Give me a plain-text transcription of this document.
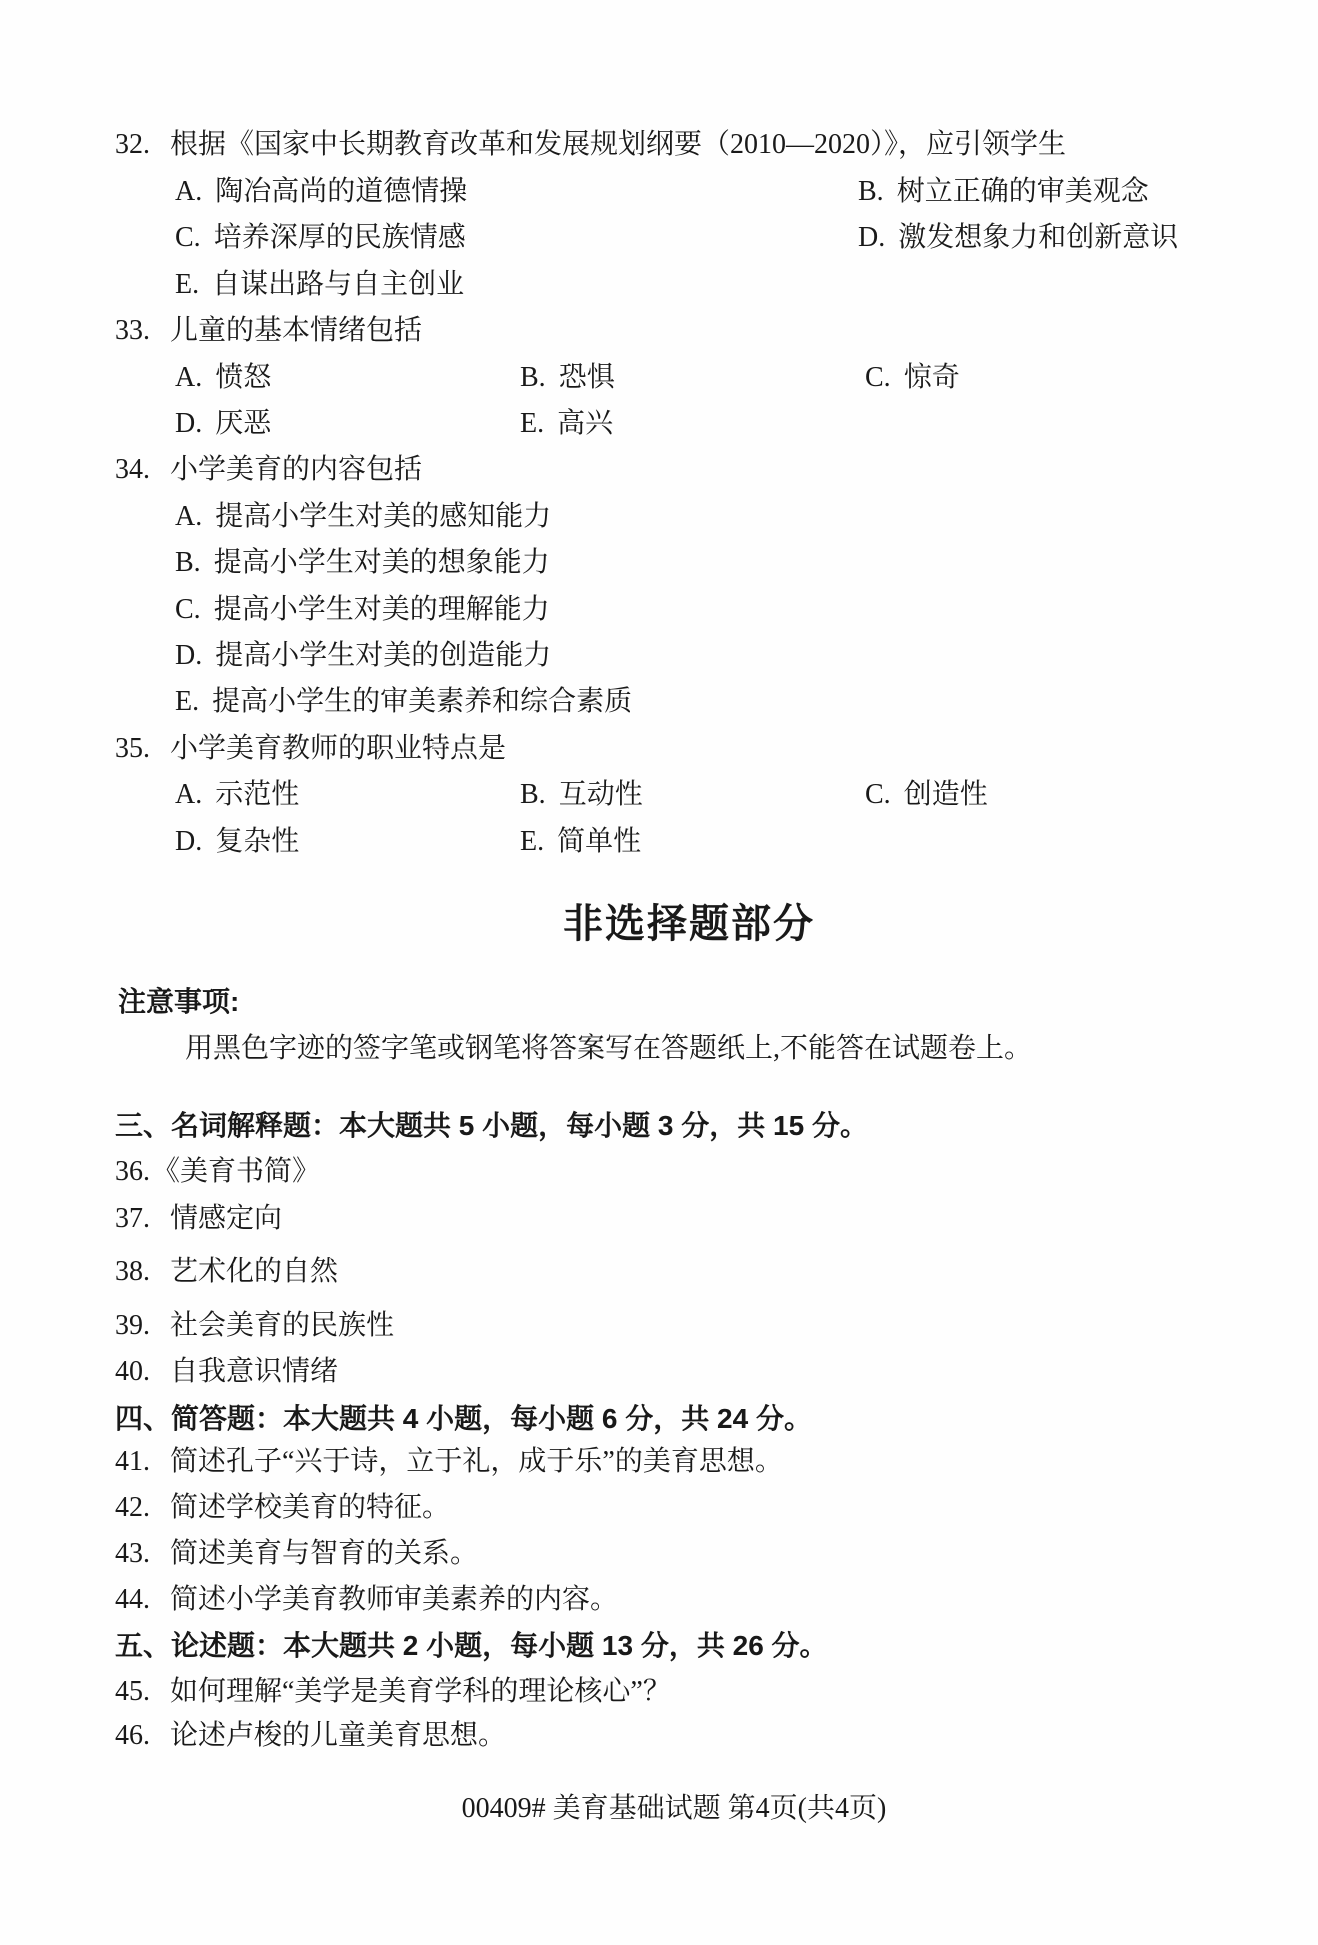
32. 根据《国家中长期教育改革和发展规划纲要（2010—2020）》，应引领学生
A. 陶冶高尚的道德情操	B. 树立正确的审美观念
C. 培养深厚的民族情感	D. 激发想象力和创新意识
E. 自谋出路与自主创业
33. 儿童的基本情绪包括
A. 愤怒	B. 恐惧	C. 惊奇
D. 厌恶	E. 高兴
34. 小学美育的内容包括
A. 提高小学生对美的感知能力
B. 提高小学生对美的想象能力
C. 提高小学生对美的理解能力
D. 提高小学生对美的创造能力
E. 提高小学生的审美素养和综合素质
35. 小学美育教师的职业特点是
A. 示范性	B. 互动性	C. 创造性
D. 复杂性	E. 简单性
非选择题部分
注意事项:
用黑色字迹的签字笔或钢笔将答案写在答题纸上,不能答在试题卷上。
三、名词解释题：本大题共 5 小题，每小题 3 分，共 15 分。
36. 《美育书简》
37. 情感定向
38. 艺术化的自然
39. 社会美育的民族性
40. 自我意识情绪
四、简答题：本大题共 4 小题，每小题 6 分，共 24 分。
41. 简述孔子“兴于诗，立于礼，成于乐”的美育思想。
42. 简述学校美育的特征。
43. 简述美育与智育的关系。
44. 简述小学美育教师审美素养的内容。
五、论述题：本大题共 2 小题，每小题 13 分，共 26 分。
45. 如何理解“美学是美育学科的理论核心”？
46. 论述卢梭的儿童美育思想。
00409# 美育基础试题 第4页(共4页)
